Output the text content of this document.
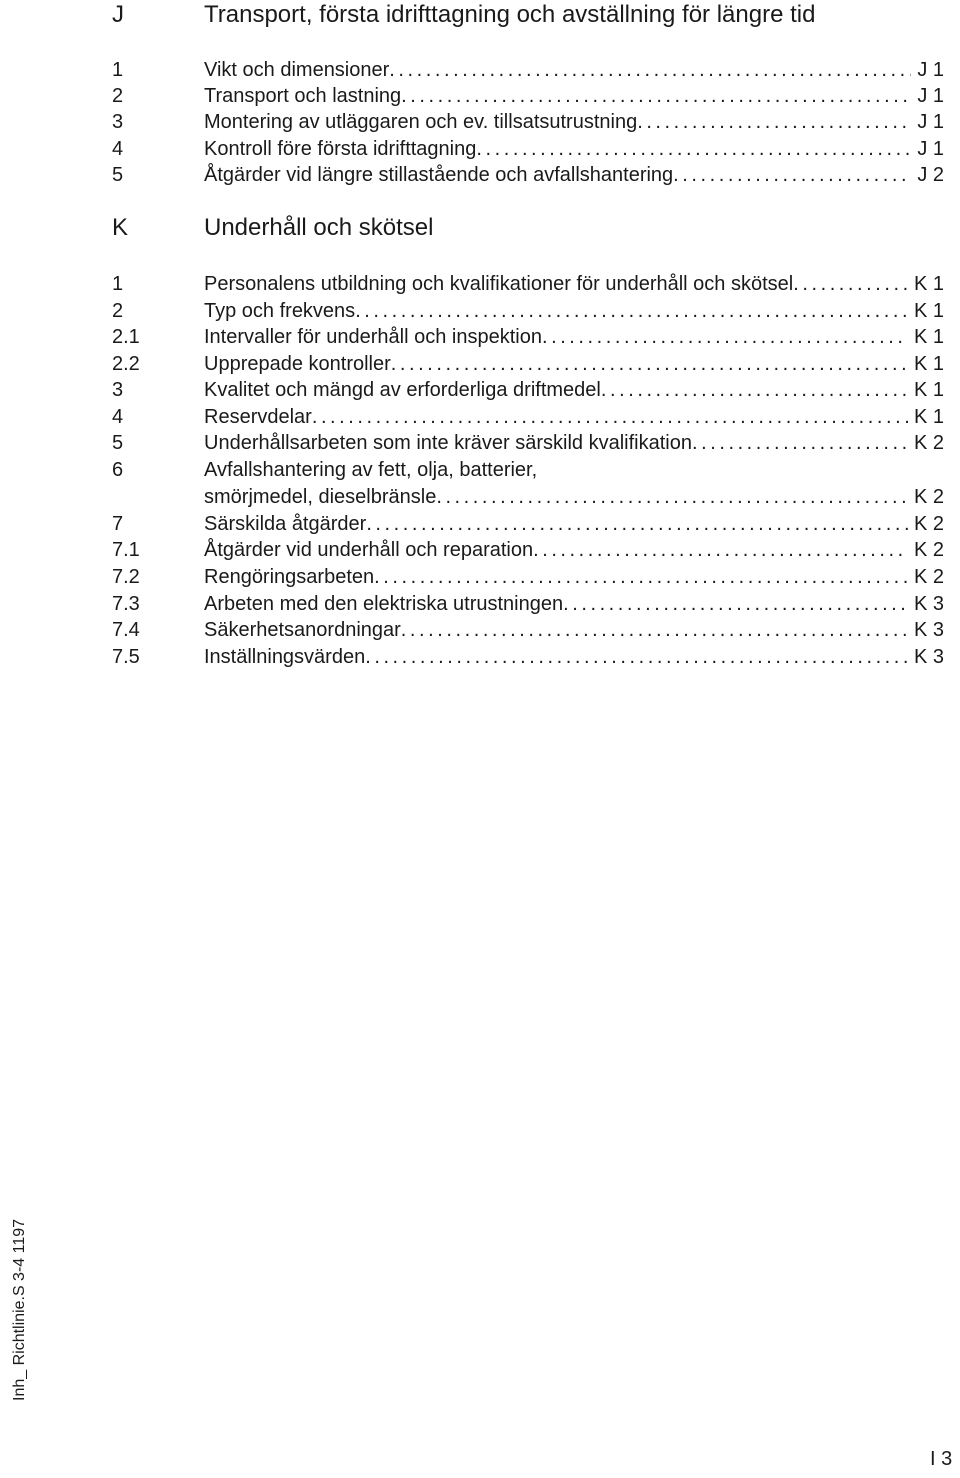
J	Transport, första idrifttagning och avställning för längre tid
1	Vikt och dimensioner . . .	J 1
2	Transport och lastning . . .	J 1
3	Montering av utläggaren och ev. tillsatsutrustning . . .	J 1
4	Kontroll före första idrifttagning . . .	J 1
5	Åtgärder vid längre stillastående och avfallshantering . . .	J 2
K	Underhåll och skötsel
1	Personalens utbildning och kvalifikationer för underhåll och skötsel . . .	K 1
2	Typ och frekvens . . .	K 1
2.1	Intervaller för underhåll och inspektion . . .	K 1
2.2	Upprepade kontroller . . .	K 1
3	Kvalitet och mängd av erforderliga driftmedel . . .	K 1
4	Reservdelar . . .	K 1
5	Underhållsarbeten som inte kräver särskild kvalifikation . . .	K 2
6	Avfallshantering av fett, olja, batterier,
smörjmedel, dieselbränsle . . .	K 2
7	Särskilda åtgärder . . .	K 2
7.1	Åtgärder vid underhåll och reparation . . .	K 2
7.2	Rengöringsarbeten . . .	K 2
7.3	Arbeten med den elektriska utrustningen . . .	K 3
7.4	Säkerhetsanordningar . . .	K 3
7.5	Inställningsvärden . . .	K 3
Inh_ Richtlinie.S 3-4 1197
I 3
